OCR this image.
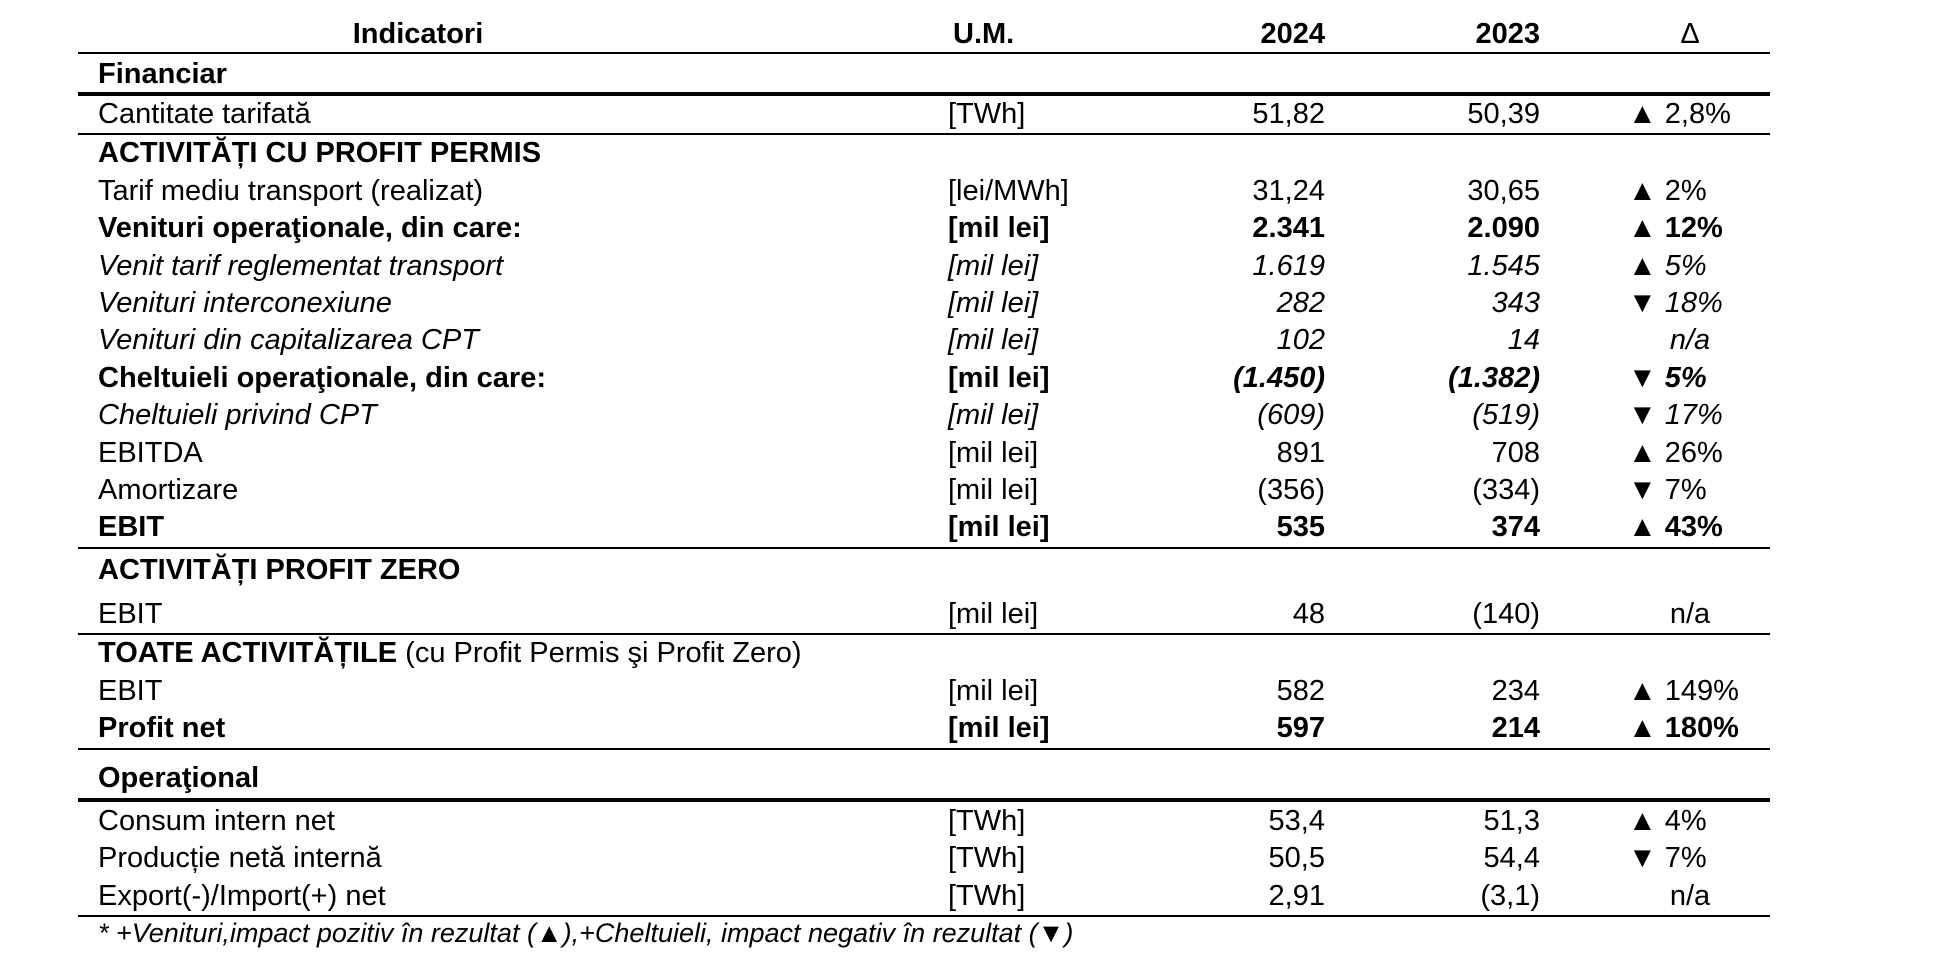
Indicatori	U.M.	2024	2023	Δ
Financiar
Cantitate tarifată	[TWh]	51,82	50,39	▲ 2,8%
ACTIVITĂȚI CU PROFIT PERMIS
Tarif mediu transport (realizat)	[lei/MWh]	31,24	30,65	▲ 2%
Venituri operaţionale, din care:	[mil lei]	2.341	2.090	▲ 12%
Venit tarif reglementat transport	[mil lei]	1.619	1.545	▲ 5%
Venituri interconexiune	[mil lei]	282	343	▼ 18%
Venituri din capitalizarea CPT	[mil lei]	102	14	n/a
Cheltuieli operaţionale, din care:	[mil lei]	(1.450)	(1.382)	▼ 5%
Cheltuieli privind CPT	[mil lei]	(609)	(519)	▼ 17%
EBITDA	[mil lei]	891	708	▲ 26%
Amortizare	[mil lei]	(356)	(334)	▼ 7%
EBIT	[mil lei]	535	374	▲ 43%
ACTIVITĂȚI PROFIT ZERO
EBIT	[mil lei]	48	(140)	n/a
TOATE ACTIVITĂȚILE (cu Profit Permis şi Profit Zero)
EBIT	[mil lei]	582	234	▲ 149%
Profit net	[mil lei]	597	214	▲ 180%
Operaţional
Consum intern net	[TWh]	53,4	51,3	▲ 4%
Producție netă internă	[TWh]	50,5	54,4	▼ 7%
Export(-)/Import(+) net	[TWh]	2,91	(3,1)	n/a
* +Venituri,impact pozitiv în rezultat (▲),+Cheltuieli, impact negativ în rezultat (▼)
